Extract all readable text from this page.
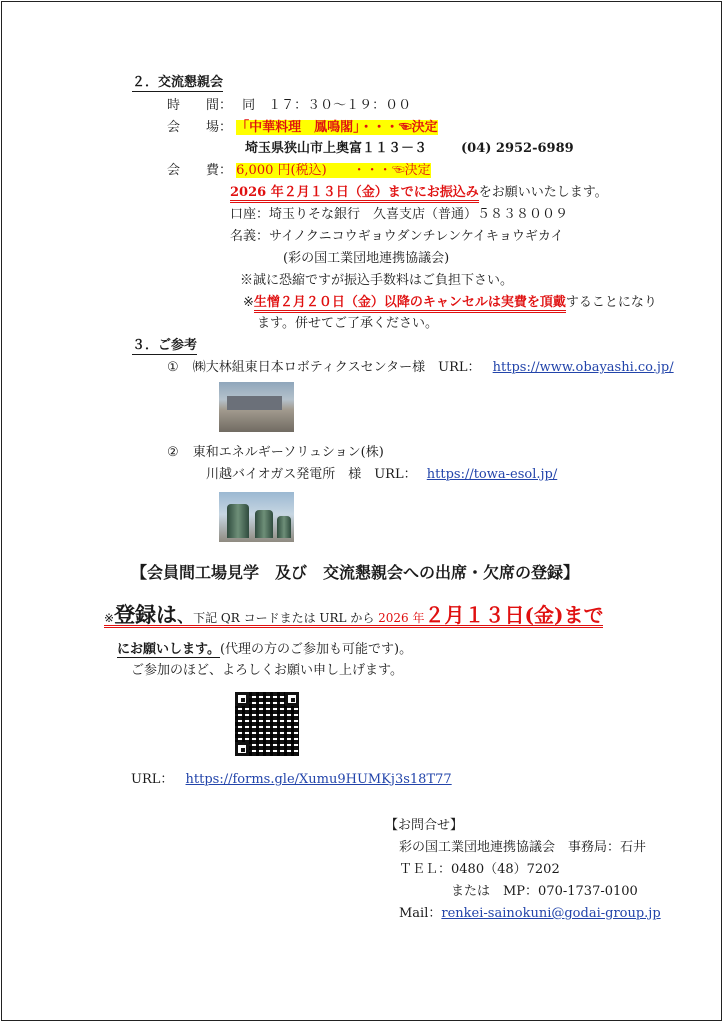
２．交流懇親会
時　　間： 同　１７：３０～１９：００
会　　場： 「中華料理　鳳鳴閣」・・・☜決定
埼玉県狭山市上奥富１１３－３	(04) 2952-6989
会　　費： 6,000 円(税込)　　・・・☜決定
2026 年２月１３日（金）までにお振込みをお願いいたします。
口座：埼玉りそな銀行　久喜支店（普通）５８３８００９
名義：サイノクニコウギョウダンチレンケイキョウギカイ
(彩の国工業団地連携協議会)
※誠に恐縮ですが振込手数料はご負担下さい。
※生憎２月２０日（金）以降のキャンセルは実費を頂戴することになり
ます。併せてご了承ください。
３．ご参考
① ㈱大林組東日本ロボティクスセンター様　URL： https://www.obayashi.co.jp/
② 東和エネルギーソリュション(株)
川越バイオガス発電所　様　URL： https://towa-esol.jp/
【会員間工場見学　及び　交流懇親会への出席・欠席の登録】
※登録は、下記 QR コードまたは URL から 2026 年２月１３日(金)まで
にお願いします。(代理の方のご参加も可能です)。
ご参加のほど、よろしくお願い申し上げます。
URL： https://forms.gle/Xumu9HUMKj3s18T77
【お問合せ】
彩の国工業団地連携協議会　事務局：石井
ＴＥＬ：0480（48）7202
または　MP：070-1737-0100
Mail：renkei-sainokuni@godai-group.jp
